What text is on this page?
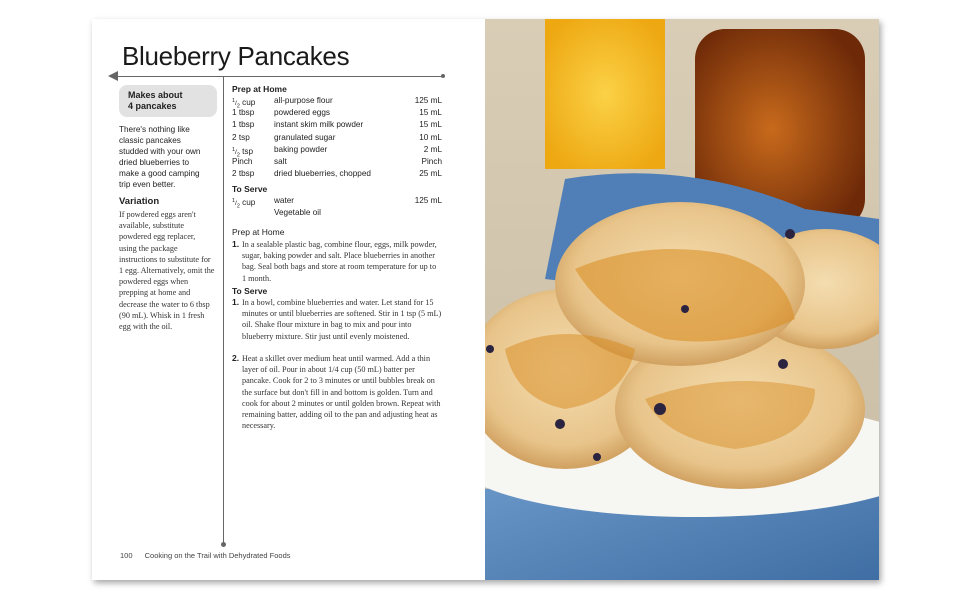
Blueberry Pancakes
Makes about
4 pancakes

There's nothing like classic pancakes studded with your own dried blueberries to make a good camping trip even better.

Variation

If powdered eggs aren't available, substitute powdered egg replacer, using the package instructions to substitute for 1 egg. Alternatively, omit the powdered eggs when prepping at home and decrease the water to 6 tbsp (90 mL). Whisk in 1 fresh egg with the oil.

Prep at Home
$^1/_2$ cup	all-purpose flour	125 mL
1 tbsp	powdered eggs	15 mL
1 tbsp	instant skim milk powder	15 mL
2 tsp	granulated sugar	10 mL
$^1/_2$ tsp	baking powder	2 mL
Pinch	salt	Pinch
2 tbsp	dried blueberries, chopped	25 mL
To Serve
$^1/_2$ cup	water	125 mL
Vegetable oil
Prep at Home
1. In a sealable plastic bag, combine flour, eggs, milk powder, sugar, baking powder and salt. Place blueberries in another bag. Seal both bags and store at room temperature for up to 1 month.
To Serve
1. In a bowl, combine blueberries and water. Let stand for 15 minutes or until blueberries are softened. Stir in 1 tsp (5 mL) oil. Shake flour mixture in bag to mix and pour into blueberry mixture. Stir just until evenly moistened.
2. Heat a skillet over medium heat until warmed. Add a thin layer of oil. Pour in about 1/4 cup (50 mL) batter per pancake. Cook for 2 to 3 minutes or until bubbles break on the surface but don't fill in and bottom is golden. Turn and cook for about 2 minutes or until golden brown. Repeat with remaining batter, adding oil to the pan and adjusting heat as necessary.
100 Cooking on the Trail with Dehydrated Foods
